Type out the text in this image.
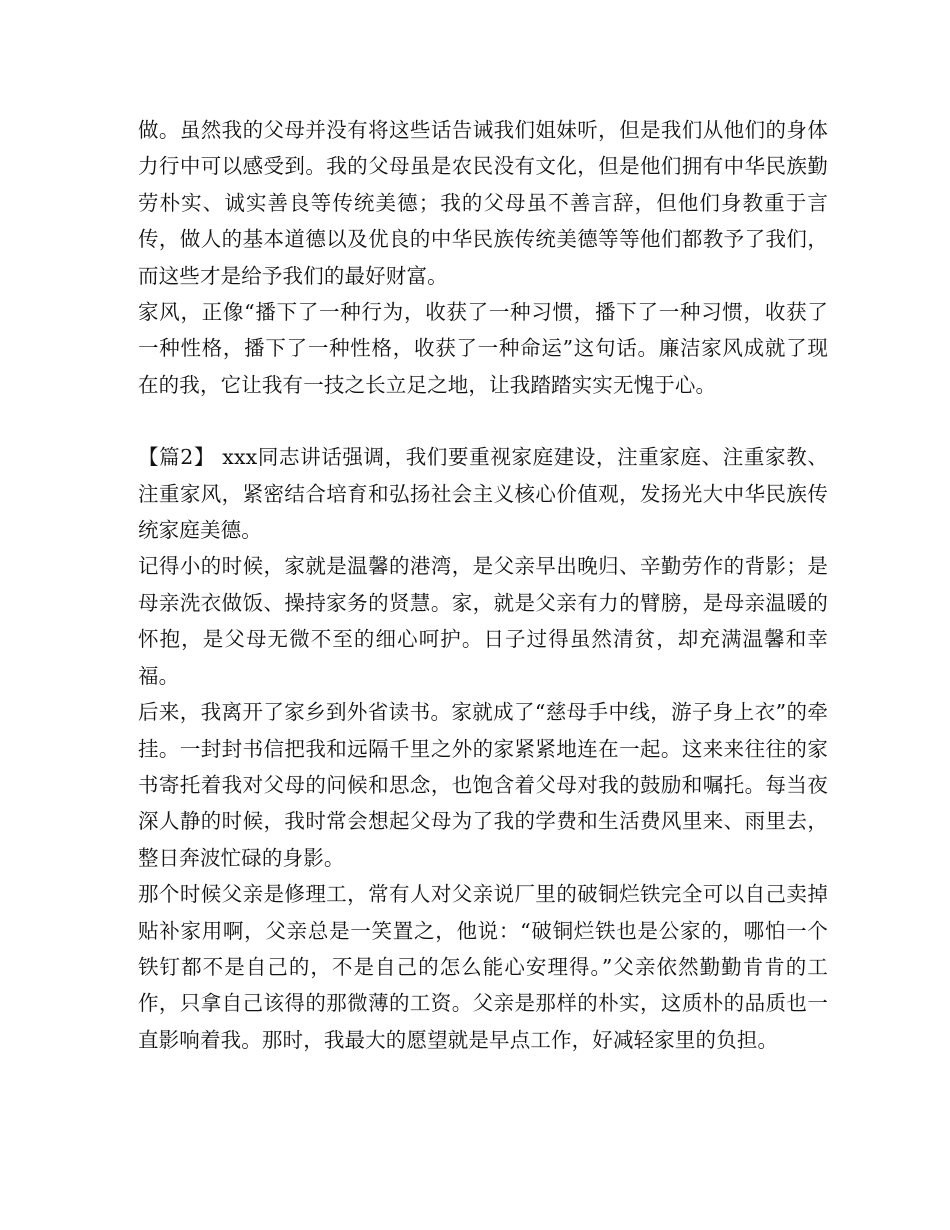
做。虽然我的父母并没有将这些话告诫我们姐妹听，但是我们从他们的身体力行中可以感受到。我的父母虽是农民没有文化，但是他们拥有中华民族勤劳朴实、诚实善良等传统美德；我的父母虽不善言辞，但他们身教重于言传，做人的基本道德以及优良的中华民族传统美德等等他们都教予了我们，而这些才是给予我们的最好财富。

家风，正像“播下了一种行为，收获了一种习惯，播下了一种习惯，收获了一种性格，播下了一种性格，收获了一种命运”这句话。廉洁家风成就了现在的我，它让我有一技之长立足之地，让我踏踏实实无愧于心。

【篇2】 xxx同志讲话强调，我们要重视家庭建设，注重家庭、注重家教、注重家风，紧密结合培育和弘扬社会主义核心价值观，发扬光大中华民族传统家庭美德。

记得小的时候，家就是温馨的港湾，是父亲早出晚归、辛勤劳作的背影；是母亲洗衣做饭、操持家务的贤慧。家，就是父亲有力的臂膀，是母亲温暖的怀抱，是父母无微不至的细心呵护。日子过得虽然清贫，却充满温馨和幸福。

后来，我离开了家乡到外省读书。家就成了“慈母手中线，游子身上衣”的牵挂。一封封书信把我和远隔千里之外的家紧紧地连在一起。这来来往往的家书寄托着我对父母的问候和思念，也饱含着父母对我的鼓励和嘱托。每当夜深人静的时候，我时常会想起父母为了我的学费和生活费风里来、雨里去，整日奔波忙碌的身影。

那个时候父亲是修理工，常有人对父亲说厂里的破铜烂铁完全可以自己卖掉贴补家用啊，父亲总是一笑置之，他说：“破铜烂铁也是公家的，哪怕一个铁钉都不是自己的，不是自己的怎么能心安理得。”父亲依然勤勤肯肯的工作，只拿自己该得的那微薄的工资。父亲是那样的朴实，这质朴的品质也一直影响着我。那时，我最大的愿望就是早点工作，好减轻家里的负担。
